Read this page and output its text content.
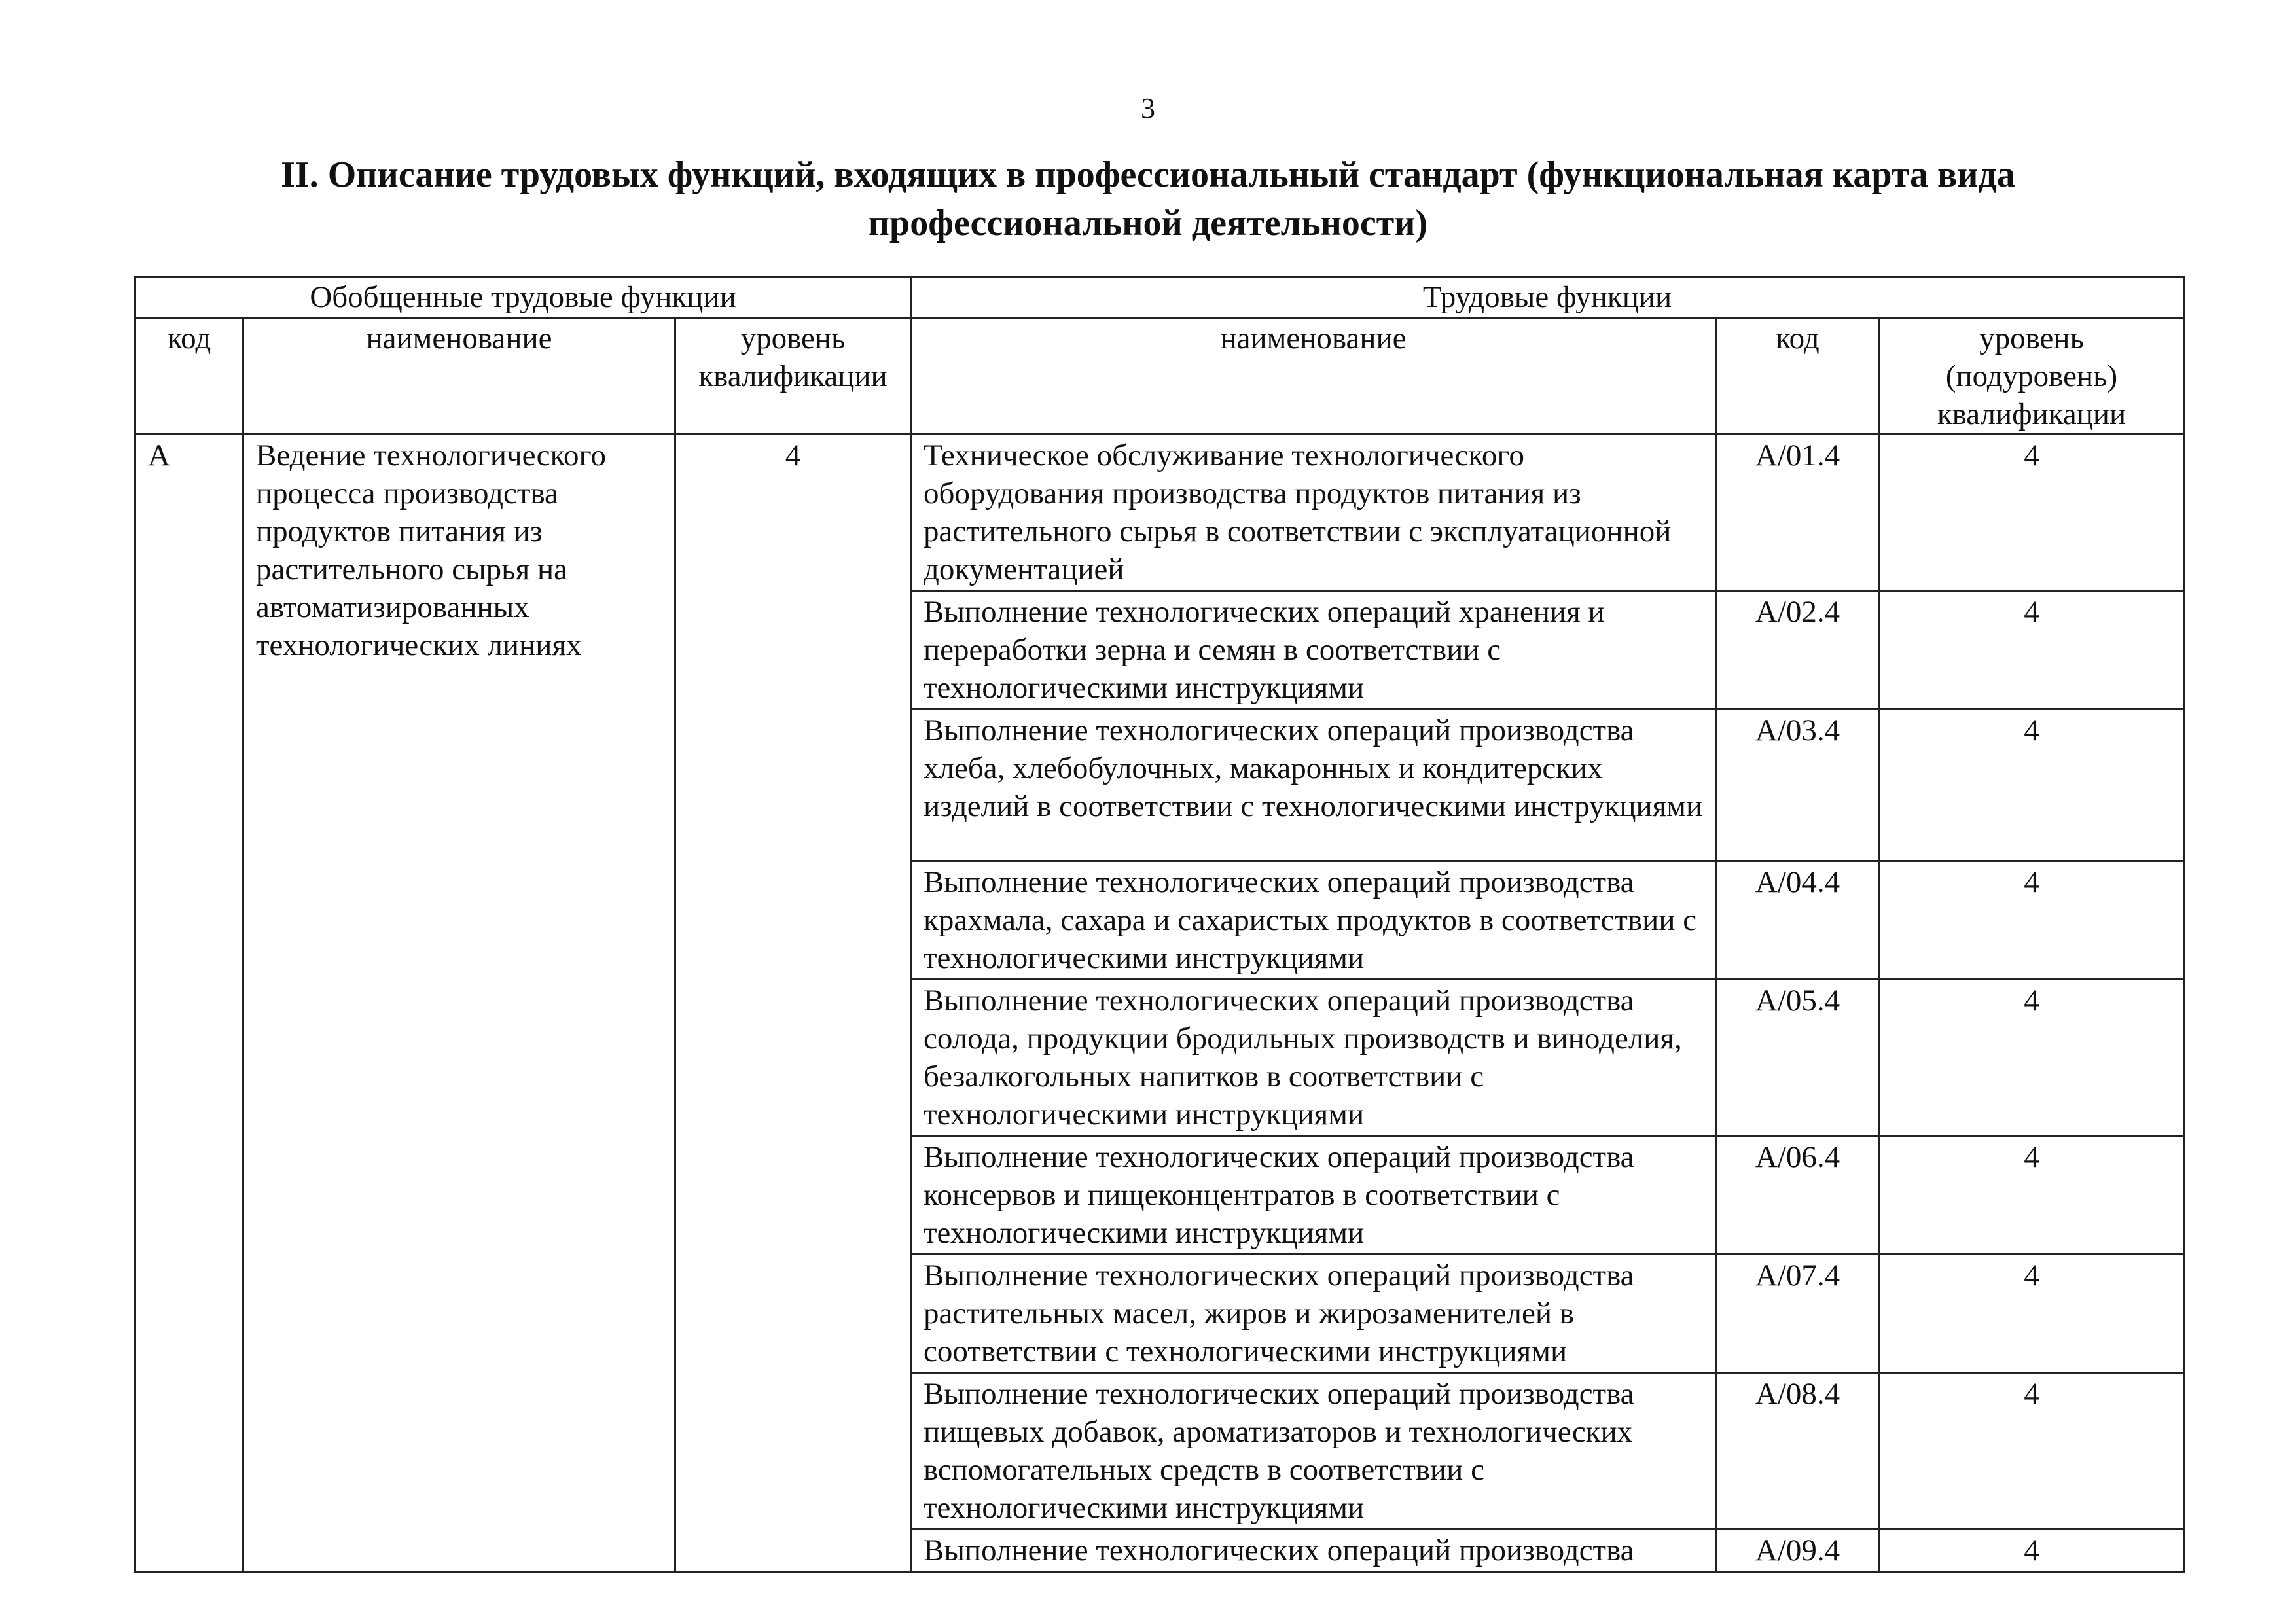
3
II. Описание трудовых функций, входящих в профессиональный стандарт (функциональная карта вида профессиональной деятельности)
Обобщенные трудовые функции			Трудовые функции		
код	наименование	уровень квалификации	наименование	код	уровень (подуровень) квалификации
А	Ведение технологического процесса производства продуктов питания из растительного сырья на автоматизированных технологических линиях	4	Техническое обслуживание технологического оборудования производства продуктов питания из растительного сырья в соответствии с эксплуатационной документацией	А/01.4	4
			Выполнение технологических операций хранения и переработки зерна и семян в соответствии с технологическими инструкциями	А/02.4	4
			Выполнение технологических операций производства хлеба, хлебобулочных, макаронных и кондитерских изделий в соответствии с технологическими инструкциями	А/03.4	4
			Выполнение технологических операций производства крахмала, сахара и сахаристых продуктов в соответствии с технологическими инструкциями	А/04.4	4
			Выполнение технологических операций производства солода, продукции бродильных производств и виноделия, безалкогольных напитков в соответствии с технологическими инструкциями	А/05.4	4
			Выполнение технологических операций производства консервов и пищеконцентратов в соответствии с технологическими инструкциями	А/06.4	4
			Выполнение технологических операций производства растительных масел, жиров и жирозаменителей в соответствии с технологическими инструкциями	А/07.4	4
			Выполнение технологических операций производства пищевых добавок, ароматизаторов и технологических вспомогательных средств в соответствии с технологическими инструкциями	А/08.4	4
			Выполнение технологических операций производства	А/09.4	4
